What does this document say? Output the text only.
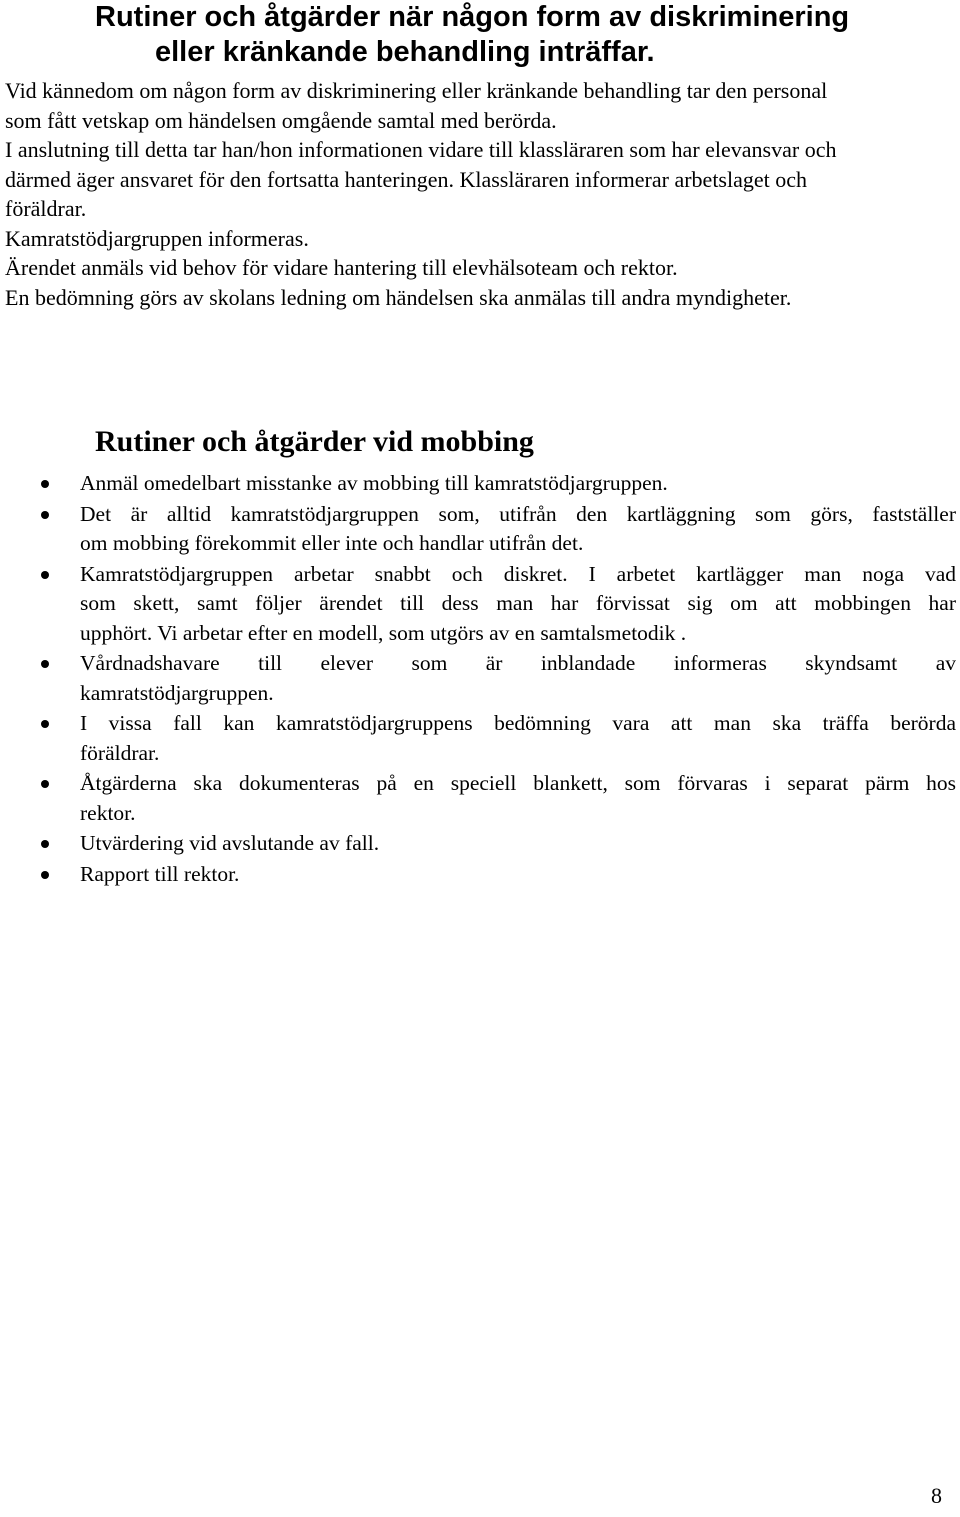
Rutiner och åtgärder när någon form av diskriminering
eller kränkande behandling inträffar.
Vid kännedom om någon form av diskriminering eller kränkande behandling tar den personal
som fått vetskap om händelsen omgående samtal med berörda.
I anslutning till detta tar han/hon informationen vidare till klassläraren som har elevansvar och
därmed äger ansvaret för den fortsatta hanteringen. Klassläraren informerar arbetslaget och
föräldrar.
Kamratstödjargruppen informeras.
Ärendet anmäls vid behov för vidare hantering till elevhälsoteam och rektor.
En bedömning görs av skolans ledning om händelsen ska anmälas till andra myndigheter.
Rutiner och åtgärder vid mobbing
Anmäl omedelbart misstanke av mobbing till kamratstödjargruppen.
Det är alltid kamratstödjargruppen som, utifrån den kartläggning som görs, fastställer
om mobbing förekommit eller inte och handlar utifrån det.
Kamratstödjargruppen arbetar snabbt och diskret. I arbetet kartlägger man noga vad
som skett, samt följer ärendet till dess man har förvissat sig om att mobbingen har
upphört. Vi arbetar efter en modell, som utgörs av en samtalsmetodik .
Vårdnadshavare till elever som är inblandade informeras skyndsamt av
kamratstödjargruppen.
I vissa fall kan kamratstödjargruppens bedömning vara att man ska träffa berörda
föräldrar.
Åtgärderna ska dokumenteras på en speciell blankett, som förvaras i separat pärm hos
rektor.
Utvärdering vid avslutande av fall.
Rapport till rektor.
8
